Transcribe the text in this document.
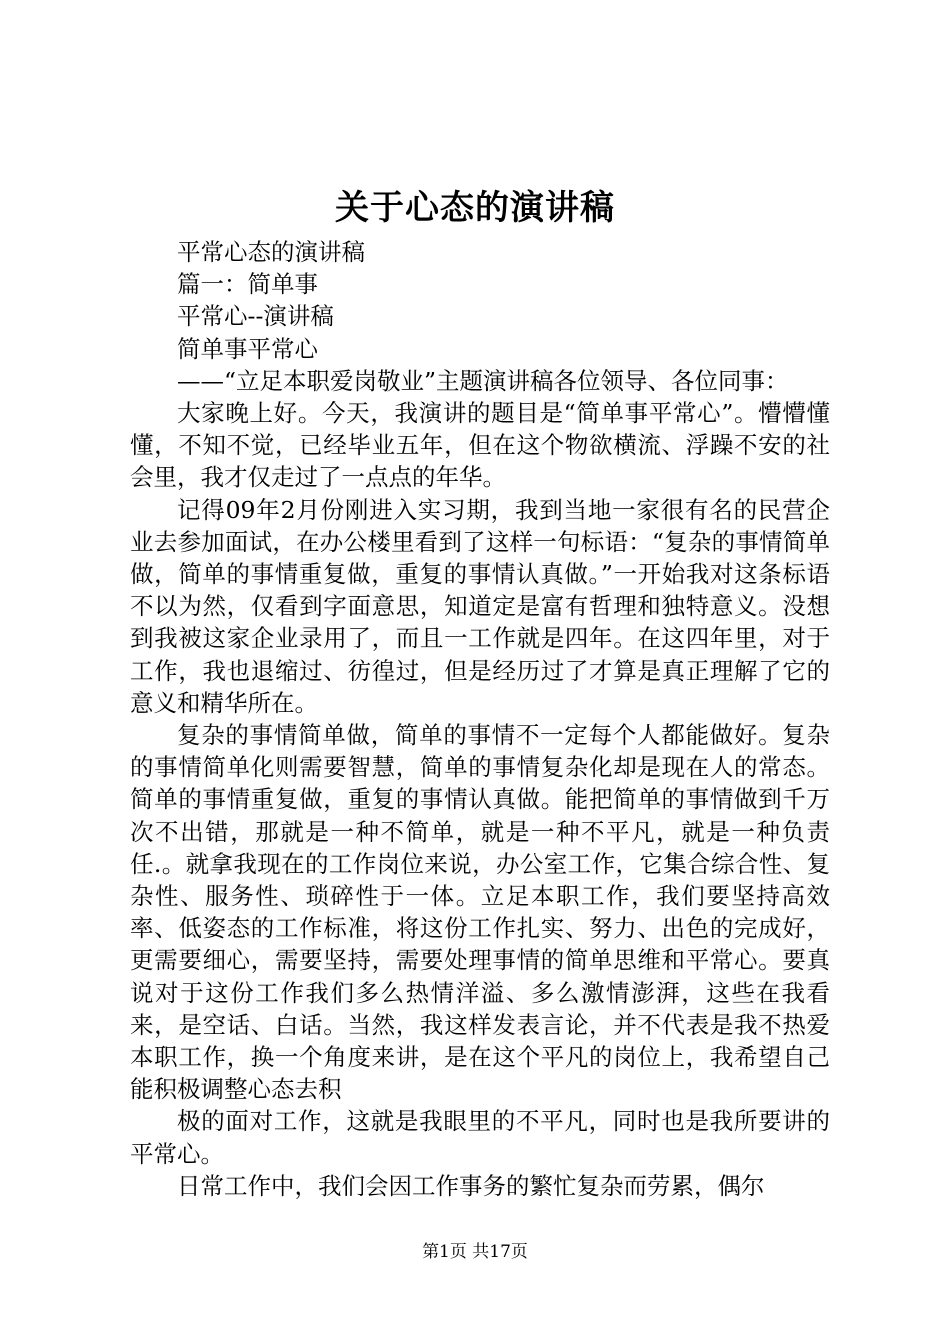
关于心态的演讲稿

平常心态的演讲稿

篇一：简单事

平常心--演讲稿

简单事平常心

——“立足本职爱岗敬业”主题演讲稿各位领导、各位同事：

大家晚上好。今天，我演讲的题目是“简单事平常心”。懵懵懂懂，不知不觉，已经毕业五年，但在这个物欲横流、浮躁不安的社会里，我才仅走过了一点点的年华。

记得09年2月份刚进入实习期，我到当地一家很有名的民营企业去参加面试，在办公楼里看到了这样一句标语：“复杂的事情简单做，简单的事情重复做，重复的事情认真做。”一开始我对这条标语不以为然，仅看到字面意思，知道定是富有哲理和独特意义。没想到我被这家企业录用了，而且一工作就是四年。在这四年里，对于工作，我也退缩过、彷徨过，但是经历过了才算是真正理解了它的意义和精华所在。

复杂的事情简单做，简单的事情不一定每个人都能做好。复杂的事情简单化则需要智慧，简单的事情复杂化却是现在人的常态。简单的事情重复做，重复的事情认真做。能把简单的事情做到千万次不出错，那就是一种不简单，就是一种不平凡，就是一种负责任.。就拿我现在的工作岗位来说，办公室工作，它集合综合性、复杂性、服务性、琐碎性于一体。立足本职工作，我们要坚持高效率、低姿态的工作标准，将这份工作扎实、努力、出色的完成好，更需要细心，需要坚持，需要处理事情的简单思维和平常心。要真说对于这份工作我们多么热情洋溢、多么激情澎湃，这些在我看来，是空话、白话。当然，我这样发表言论，并不代表是我不热爱本职工作，换一个角度来讲，是在这个平凡的岗位上，我希望自己能积极调整心态去积

极的面对工作，这就是我眼里的不平凡，同时也是我所要讲的平常心。

日常工作中，我们会因工作事务的繁忙复杂而劳累，偶尔

第1页 共17页
